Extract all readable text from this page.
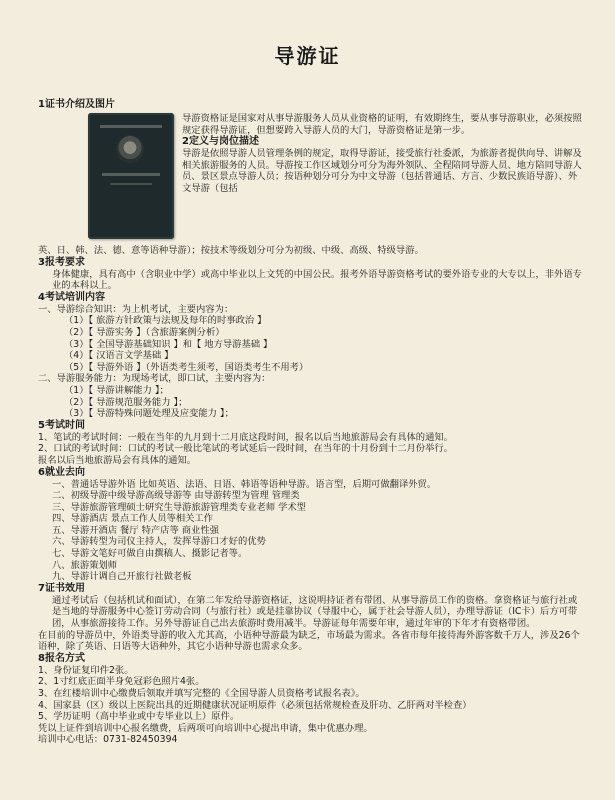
导游证
1证书介绍及图片

导游资格证是国家对从事导游服务人员从业资格的证明，有效期终生，要从事导游职业，必须按照规定获得导游证，但想要跨入导游人员的大门，导游资格证是第一步。

2定义与岗位描述

导游是依照导游人员管理条例的规定，取得导游证，接受旅行社委派，为旅游者提供向导、讲解及相关旅游服务的人员。导游按工作区域划分可分为海外领队、全程陪同导游人员、地方陪同导游人员、景区景点导游人员；按语种划分可分为中文导游（包括普通话、方言、少数民族语导游）、外文导游（包括

英、日、韩、法、德、意等语种导游）；按技术等级划分可分为初级、中级、高级、特级导游。

3报考要求

身体健康，具有高中（含职业中学）或高中毕业以上文凭的中国公民。报考外语导游资格考试的要外语专业的大专以上，非外语专业的本科以上。

4考试培训内容

一、导游综合知识：为上机考试，主要内容为：

（1）【 旅游方针政策与法规及每年的时事政治 】
（2）【 导游实务 】（含旅游案例分析）
（3）【 全国导游基础知识 】和【 地方导游基础 】
（4）【 汉语言文学基础 】
（5）【 导游外语 】（外语类考生须考，国语类考生不用考）

二、导游服务能力：为现场考试，即口试，主要内容为：

（1）【 导游讲解能力 】；
（2）【 导游规范服务能力 】；
（3）【 导游特殊问题处理及应变能力 】；
5考试时间

1、笔试的考试时间：一般在当年的九月到十二月底这段时间，报名以后当地旅游局会有具体的通知。

2、口试的考试时间：口试的考试一般比笔试的考试延后一段时间，在当年的十月份到十二月份举行。

报名以后当地旅游局会有具体的通知。

6就业去向
一、普通话导游外语 比如英语、法语、日语、韩语等语种导游。语言型，后期可做翻译外贸。
二、初级导游中级导游高级导游等 由导游转型为管理 管理类
三、导游旅游管理硕士研究生导游旅游管理类专业老师 学术型
四、导游酒店 景点工作人员等相关工作
五、导游开酒店 餐厅 特产店等 商业性强
六、导游转型为司仪主持人，发挥导游口才好的优势
七、导游文笔好可做自由撰稿人、摄影记者等。
八、旅游策划师
九、导游计调自己开旅行社做老板
7证书效用

通过考试后（包括机试和面试），在第二年发给导游资格证，这说明持证者有带团、从事导游员工作的资格。拿资格证与旅行社或是当地的导游服务中心签订劳动合同（与旅行社）或是挂靠协议（导服中心，属于社会导游人员），办理导游证（IC卡）后方可带团，从事旅游接待工作。另外导游证自己出去旅游时费用减半。导游证每年需要年审，通过年审的下年才有资格带团。

在目前的导游员中，外语类导游的收入尤其高，小语种导游最为缺乏，市场最为需求。各省市每年接待海外游客数千万人，涉及26个语种，除了英语、日语等大语种外，其它小语种导游也需求众多。

8报名方式
1、身份证复印件2张。
2、1寸红底正面半身免冠彩色照片4张。
3、在红楼培训中心缴费后领取并填写完整的《全国导游人员资格考试报名表》。
4、国家县（区）级以上医院出具的近期健康状况证明原件（必须包括常规检查及肝功、乙肝两对半检查）
5、学历证明（高中毕业或中专毕业以上）原件。

凭以上证件到培训中心报名缴费，后两项可向培训中心提出申请，集中优惠办理。

培训中心电话：0731-82450394
